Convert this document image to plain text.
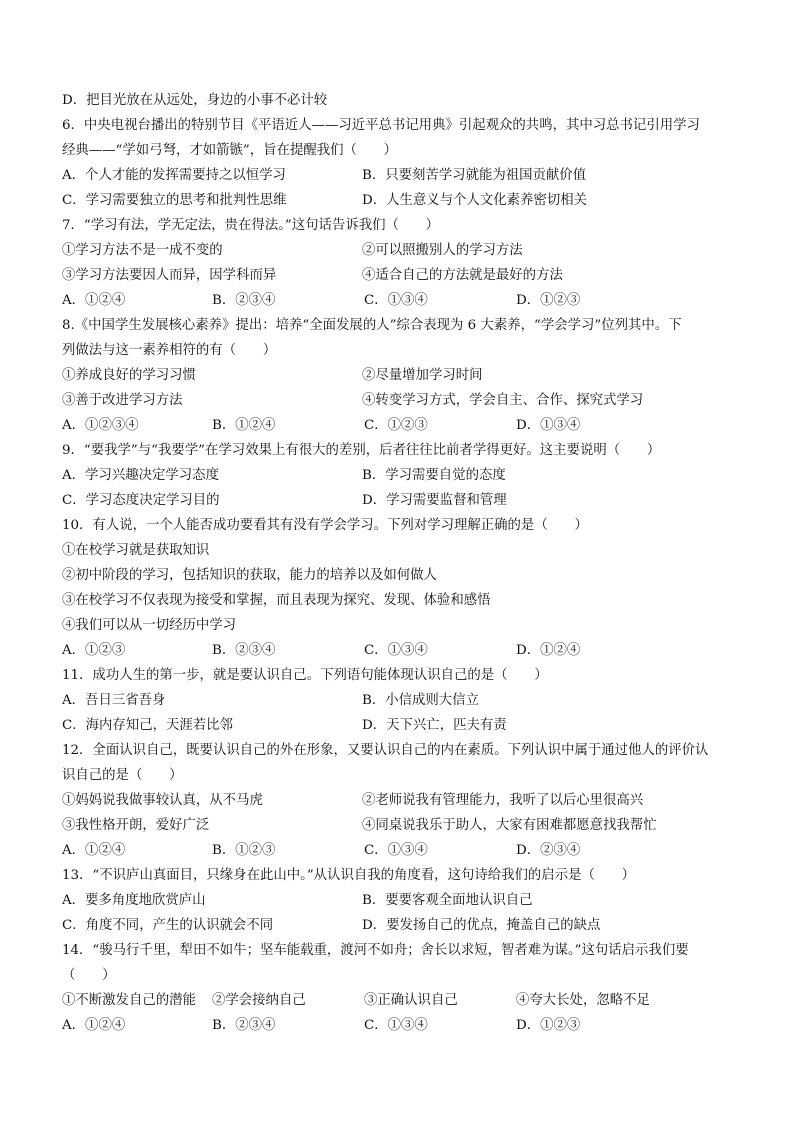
D．把目光放在从远处，身边的小事不必计较
6．中央电视台播出的特别节目《平语近人——习近平总书记用典》引起观众的共鸣，其中习总书记引用学习
经典——“学如弓弩，才如箭镞”，旨在提醒我们（　　）
A．个人才能的发挥需要持之以恒学习	B．只要刻苦学习就能为祖国贡献价值
C．学习需要独立的思考和批判性思维	D．人生意义与个人文化素养密切相关
7．“学习有法，学无定法，贵在得法。”这句话告诉我们（　　）
①学习方法不是一成不变的	②可以照搬别人的学习方法
③学习方法要因人而异，因学科而异	④适合自己的方法就是最好的方法
A．①②④	B．②③④	C．①③④	D．①②③
8.《中国学生发展核心素养》提出：培养“全面发展的人”综合表现为 6 大素养，“学会学习”位列其中。下
列做法与这一素养相符的有（　　）
①养成良好的学习习惯	②尽量增加学习时间
③善于改进学习方法	④转变学习方式，学会自主、合作、探究式学习
A．①②③④	B．①②④	C．①②③	D．①③④
9．“要我学”与“我要学”在学习效果上有很大的差别，后者往往比前者学得更好。这主要说明（　　）
A．学习兴趣决定学习态度	B．学习需要自觉的态度
C．学习态度决定学习目的	D．学习需要监督和管理
10．有人说，一个人能否成功要看其有没有学会学习。下列对学习理解正确的是（　　）
①在校学习就是获取知识
②初中阶段的学习，包括知识的获取，能力的培养以及如何做人
③在校学习不仅表现为接受和掌握，而且表现为探究、发现、体验和感悟
④我们可以从一切经历中学习
A．①②③	B．②③④	C．①③④	D．①②④
11．成功人生的第一步，就是要认识自己。下列语句能体现认识自己的是（　　）
A．吾日三省吾身	B．小信成则大信立
C．海内存知己，天涯若比邻	D．天下兴亡，匹夫有责
12．全面认识自己，既要认识自己的外在形象，又要认识自己的内在素质。下列认识中属于通过他人的评价认
识自己的是（　　）
①妈妈说我做事较认真，从不马虎	②老师说我有管理能力，我听了以后心里很高兴
③我性格开朗，爱好广泛	④同桌说我乐于助人，大家有困难都愿意找我帮忙
A．①②④	B．①②③	C．①③④	D．②③④
13．“不识庐山真面目，只缘身在此山中。”从认识自我的角度看，这句诗给我们的启示是（　　）
A．要多角度地欣赏庐山	B．要要客观全面地认识自己
C．角度不同，产生的认识就会不同	D．要发扬自己的优点，掩盖自己的缺点
14．“骏马行千里，犁田不如牛；坚车能载重，渡河不如舟；舍长以求短，智者难为谋。”这句话启示我们要
（　　）
①不断激发自己的潜能	②学会接纳自己	③正确认识自己	④夸大长处，忽略不足
A．①②④	B．②③④	C．①③④	D．①②③
